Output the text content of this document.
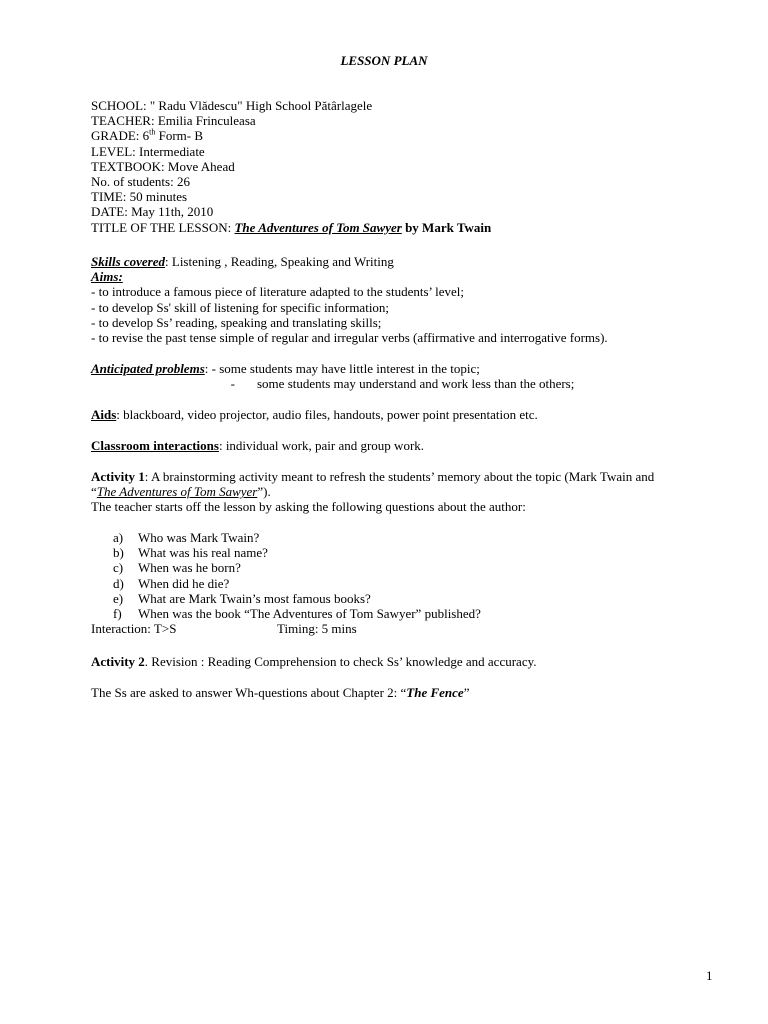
LESSON PLAN
SCHOOL: " Radu Vlădescu" High School Pătârlagele
TEACHER: Emilia Frinculeasa
GRADE: 6th Form- B
LEVEL: Intermediate
TEXTBOOK: Move Ahead
No. of students: 26
TIME: 50 minutes
DATE: May 11th, 2010
TITLE OF THE LESSON: The Adventures of Tom Sawyer by Mark Twain
Skills covered: Listening , Reading, Speaking and Writing
Aims:
- to introduce a famous piece of literature adapted to the students’ level;
- to develop Ss' skill of listening for specific information;
- to develop Ss’ reading, speaking and translating skills;
- to revise the past tense simple of regular and irregular verbs (affirmative and interrogative forms).
Anticipated problems: - some students may have little interest in the topic;
- some students may understand and work less than the others;
Aids: blackboard, video projector, audio files, handouts, power point presentation etc.
Classroom interactions: individual work, pair and group work.
Activity 1: A brainstorming activity meant to refresh the students’ memory about the topic (Mark Twain and
“The Adventures of Tom Sawyer”).
The teacher starts off the lesson by asking the following questions about the author:
a) Who was Mark Twain?
b) What was his real name?
c) When was he born?
d) When did he die?
e) What are Mark Twain’s most famous books?
f) When was the book “The Adventures of Tom Sawyer” published?
Interaction: T>S	Timing: 5 mins
Activity 2. Revision : Reading Comprehension to check Ss’ knowledge and accuracy.
The Ss are asked to answer Wh-questions about Chapter 2: “The Fence”
1
